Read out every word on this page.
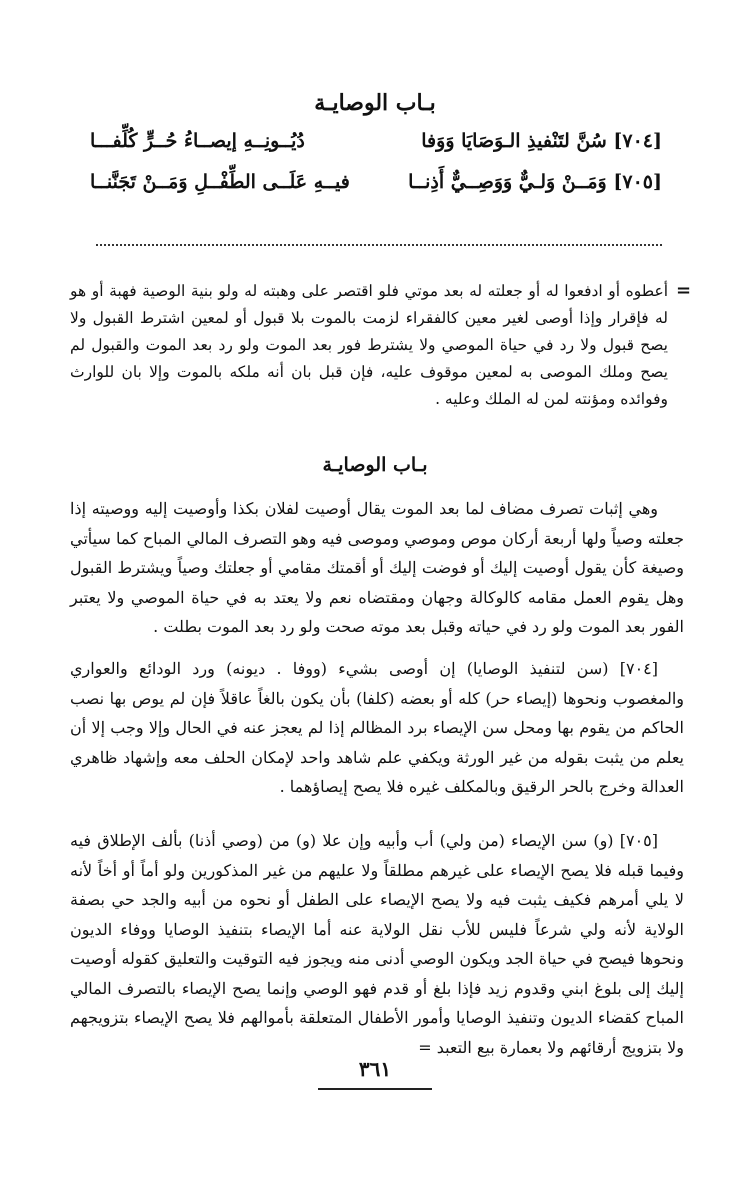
بـاب الوصايـة
[٧٠٤] سُنَّ لتَنْفيذِ الـوَصَايَا وَوَفا
دُيُــونِــهِ إيصــاءُ حُــرٍّ كُلِّفـــا
[٧٠٥] وَمَــنْ وَلـيٌّ وَوَصِــيٌّ أَذِنــا
فيــهِ عَلَــى الطِّفْــلِ وَمَــنْ تَجَنَّنــا
=
أعطوه أو ادفعوا له أو جعلته له بعد موتي فلو اقتصر على وهبته له ولو بنية الوصية فهبة أو هو له فإقرار وإذا أوصى لغير معين كالفقراء لزمت بالموت بلا قبول أو لمعين اشترط القبول ولا يصح قبول ولا رد في حياة الموصي ولا يشترط فور بعد الموت ولو رد بعد الموت والقبول لم يصح وملك الموصى به لمعين موقوف عليه، فإن قبل بان أنه ملكه بالموت وإلا بان للوارث وفوائده ومؤنته لمن له الملك وعليه .
بـاب الوصايـة

وهي إثبات تصرف مضاف لما بعد الموت يقال أوصيت لفلان بكذا وأوصيت إليه ووصيته إذا جعلته وصياً ولها أربعة أركان موص وموصي وموصى فيه وهو التصرف المالي المباح كما سيأتي وصيغة كأن يقول أوصيت إليك أو فوضت إليك أو أقمتك مقامي أو جعلتك وصياً ويشترط القبول وهل يقوم العمل مقامه كالوكالة وجهان ومقتضاه نعم ولا يعتد به في حياة الموصي ولا يعتبر الفور بعد الموت ولو رد في حياته وقبل بعد موته صحت ولو رد بعد الموت بطلت .

[٧٠٤] (سن لتنفيذ الوصايا) إن أوصى بشيء (ووفا . ديونه) ورد الودائع والعواري والمغصوب ونحوها (إيصاء حر) كله أو بعضه (كلفا) بأن يكون بالغاً عاقلاً فإن لم يوص بها نصب الحاكم من يقوم بها ومحل سن الإيصاء برد المظالم إذا لم يعجز عنه في الحال وإلا وجب إلا أن يعلم من يثبت بقوله من غير الورثة ويكفي علم شاهد واحد لإمكان الحلف معه وإشهاد ظاهري العدالة وخرج بالحر الرقيق وبالمكلف غيره فلا يصح إيصاؤهما .

[٧٠٥] (و) سن الإيصاء (من ولي) أب وأبيه وإن علا (و) من (وصي أذنا) بألف الإطلاق فيه وفيما قبله فلا يصح الإيصاء على غيرهم مطلقاً ولا عليهم من غير المذكورين ولو أماً أو أخاً لأنه لا يلي أمرهم فكيف يثبت فيه ولا يصح الإيصاء على الطفل أو نحوه من أبيه والجد حي بصفة الولاية لأنه ولي شرعاً فليس للأب نقل الولاية عنه أما الإيصاء بتنفيذ الوصايا ووفاء الديون ونحوها فيصح في حياة الجد ويكون الوصي أدنى منه ويجوز فيه التوقيت والتعليق كقوله أوصيت إليك إلى بلوغ ابني وقدوم زيد فإذا بلغ أو قدم فهو الوصي وإنما يصح الإيصاء بالتصرف المالي المباح كقضاء الديون وتنفيذ الوصايا وأمور الأطفال المتعلقة بأموالهم فلا يصح الإيصاء بتزويجهم ولا بتزويج أرقائهم ولا بعمارة بيع التعبد =

٣٦١
